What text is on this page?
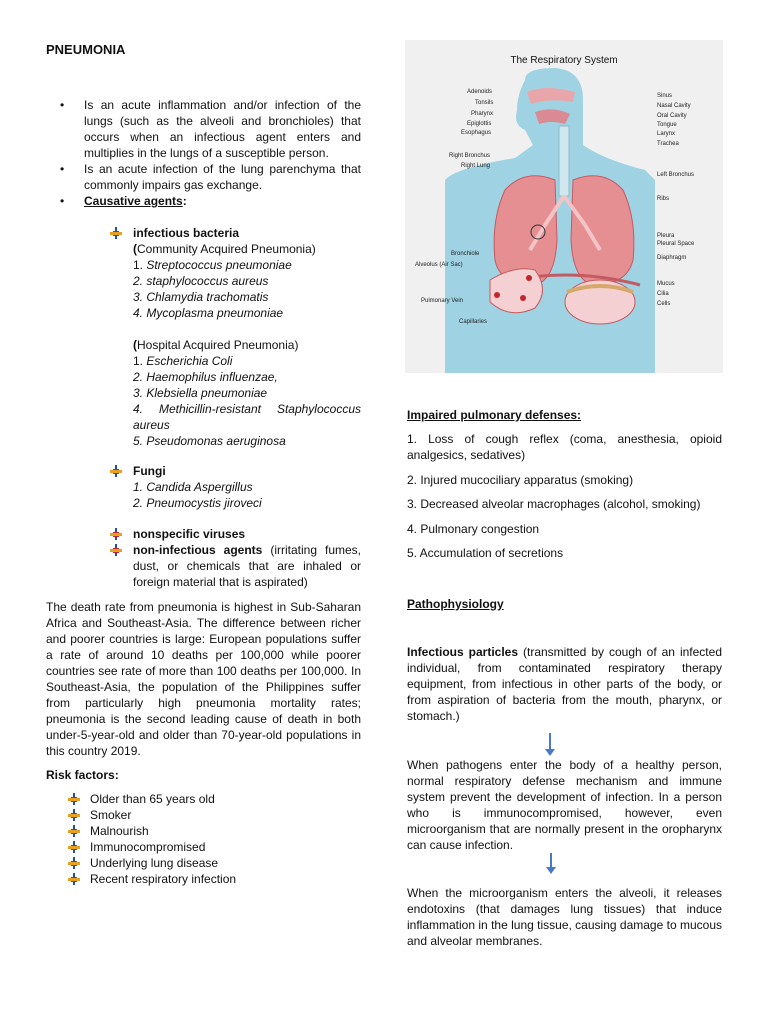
PNEUMONIA
• Is an acute inflammation and/or infection of the lungs (such as the alveoli and bronchioles) that occurs when an infectious agent enters and multiplies in the lungs of a susceptible person.
• Is an acute infection of the lung parenchyma that commonly impairs gas exchange.
• Causative agents:
infectious bacteria
(Community Acquired Pneumonia)
1. Streptococcus pneumoniae
2. staphylococcus aureus
3. Chlamydia trachomatis
4. Mycoplasma pneumoniae
(Hospital Acquired Pneumonia)
1. Escherichia Coli
2. Haemophilus influenzae,
3. Klebsiella pneumoniae
4. Methicillin-resistant Staphylococcus
aureus
5. Pseudomonas aeruginosa
Fungi
1. Candida Aspergillus
2. Pneumocystis jiroveci
nonspecific viruses
non-infectious agents (irritating fumes, dust, or chemicals that are inhaled or foreign material that is aspirated)
The death rate from pneumonia is highest in Sub-Saharan Africa and Southeast-Asia. The difference between richer and poorer countries is large: European populations suffer a rate of around 10 deaths per 100,000 while poorer countries see rate of more than 100 deaths per 100,000. In Southeast-Asia, the population of the Philippines suffer from particularly high pneumonia mortality rates; pneumonia is the second leading cause of death in both under-5-year-old and older than 70-year-old populations in this country 2019.
Risk factors:
Older than 65 years old
Smoker
Malnourish
Immunocompromised
Underlying lung disease
Recent respiratory infection
The Respiratory System
Adenoids
Tonsils
Pharynx
Epiglottis
Esophagus
Right Bronchus
Right Lung
Bronchiole
Alveolus (Air Sac)
Pulmonary Vein
Capillaries
Sinus
Nasal Cavity
Oral Cavity
Tongue
Larynx
Trachea
Left Bronchus
Ribs
Pleura
Pleural Space
Diaphragm
Mucus
Cilia
Cells
Impaired pulmonary defenses:
1. Loss of cough reflex (coma, anesthesia, opioid analgesics, sedatives)
2. Injured mucociliary apparatus (smoking)
3. Decreased alveolar macrophages (alcohol, smoking)
4. Pulmonary congestion
5. Accumulation of secretions
Pathophysiology
Infectious particles (transmitted by cough of an infected individual, from contaminated respiratory therapy equipment, from infectious in other parts of the body, or from aspiration of bacteria from the mouth, pharynx, or stomach.)
When pathogens enter the body of a healthy person, normal respiratory defense mechanism and immune system prevent the development of infection. In a person who is immunocompromised, however, even microorganism that are normally present in the oropharynx can cause infection.
When the microorganism enters the alveoli, it releases endotoxins (that damages lung tissues) that induce inflammation in the lung tissue, causing damage to mucous and alveolar membranes.
